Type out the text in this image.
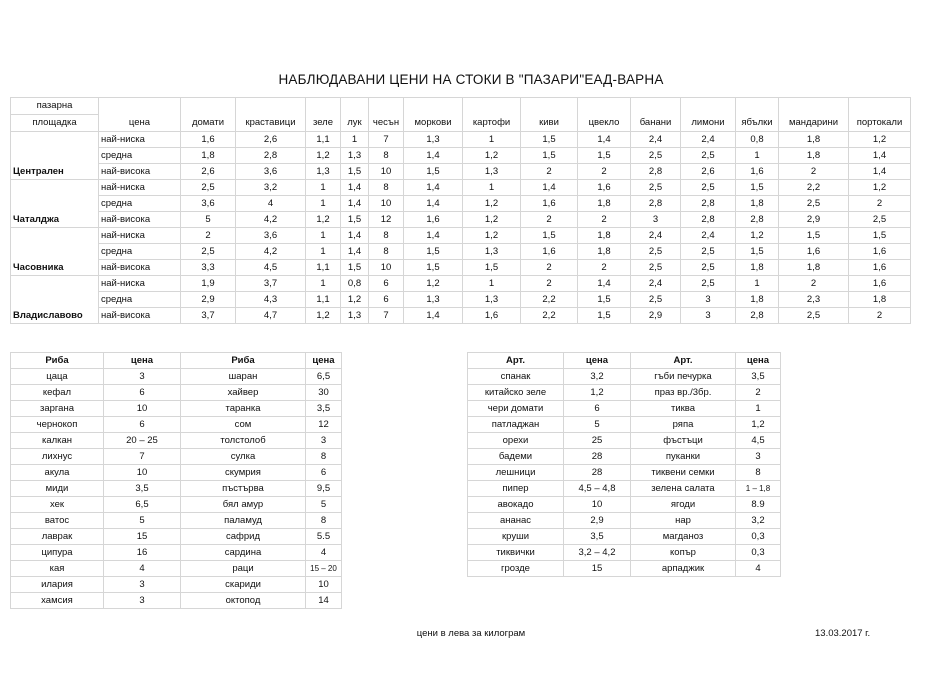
НАБЛЮДАВАНИ ЦЕНИ НА СТОКИ В "ПАЗАРИ"ЕАД-ВАРНА
пазарна	цена	домати	краставици	зеле	лук	чесън	моркови	картофи	киви	цвекло	банани	лимони	ябълки	мандарини	портокали
площадка															
	най-ниска	1,6	2,6	1,1	1	7	1,3	1	1,5	1,4	2,4	2,4	0,8	1,8	1,2
	средна	1,8	2,8	1,2	1,3	8	1,4	1,2	1,5	1,5	2,5	2,5	1	1,8	1,4
Централен	най-висока	2,6	3,6	1,3	1,5	10	1,5	1,3	2	2	2,8	2,6	1,6	2	1,4
	най-ниска	2,5	3,2	1	1,4	8	1,4	1	1,4	1,6	2,5	2,5	1,5	2,2	1,2
	средна	3,6	4	1	1,4	10	1,4	1,2	1,6	1,8	2,8	2,8	1,8	2,5	2
Чаталджа	най-висока	5	4,2	1,2	1,5	12	1,6	1,2	2	2	3	2,8	2,8	2,9	2,5
	най-ниска	2	3,6	1	1,4	8	1,4	1,2	1,5	1,8	2,4	2,4	1,2	1,5	1,5
	средна	2,5	4,2	1	1,4	8	1,5	1,3	1,6	1,8	2,5	2,5	1,5	1,6	1,6
Часовника	най-висока	3,3	4,5	1,1	1,5	10	1,5	1,5	2	2	2,5	2,5	1,8	1,8	1,6
	най-ниска	1,9	3,7	1	0,8	6	1,2	1	2	1,4	2,4	2,5	1	2	1,6
	средна	2,9	4,3	1,1	1,2	6	1,3	1,3	2,2	1,5	2,5	3	1,8	2,3	1,8
Владиславово	най-висока	3,7	4,7	1,2	1,3	7	1,4	1,6	2,2	1,5	2,9	3	2,8	2,5	2
Риба	цена	Риба	цена
цаца	3	шаран	6,5
кефал	6	хайвер	30
заргана	10	таранка	3,5
чернокоп	6	сом	12
калкан	20 – 25	толстолоб	3
лихнус	7	сулка	8
акула	10	скумрия	6
миди	3,5	пъстърва	9,5
хек	6,5	бял амур	5
ватос	5	паламуд	8
лаврак	15	сафрид	5.5
ципура	16	сардина	4
кая	4	раци	15 – 20
илария	3	скариди	10
хамсия	3	октопод	14
Арт.	цена	Арт.	цена
спанак	3,2	гъби печурка	3,5
китайско зеле	1,2	праз вр./3бр.	2
чери домати	6	тиква	1
патладжан	5	ряпа	1,2
орехи	25	фъстъци	4,5
бадеми	28	пуканки	3
лешници	28	тиквени семки	8
пипер	4,5 – 4,8	зелена салата	1 – 1,8
авокадо	10	ягоди	8.9
ананас	2,9	нар	3,2
круши	3,5	магданоз	0,3
тиквички	3,2 – 4,2	копър	0,3
грозде	15	арпаджик	4
цени в лева за килограм	13.03.2017 г.
